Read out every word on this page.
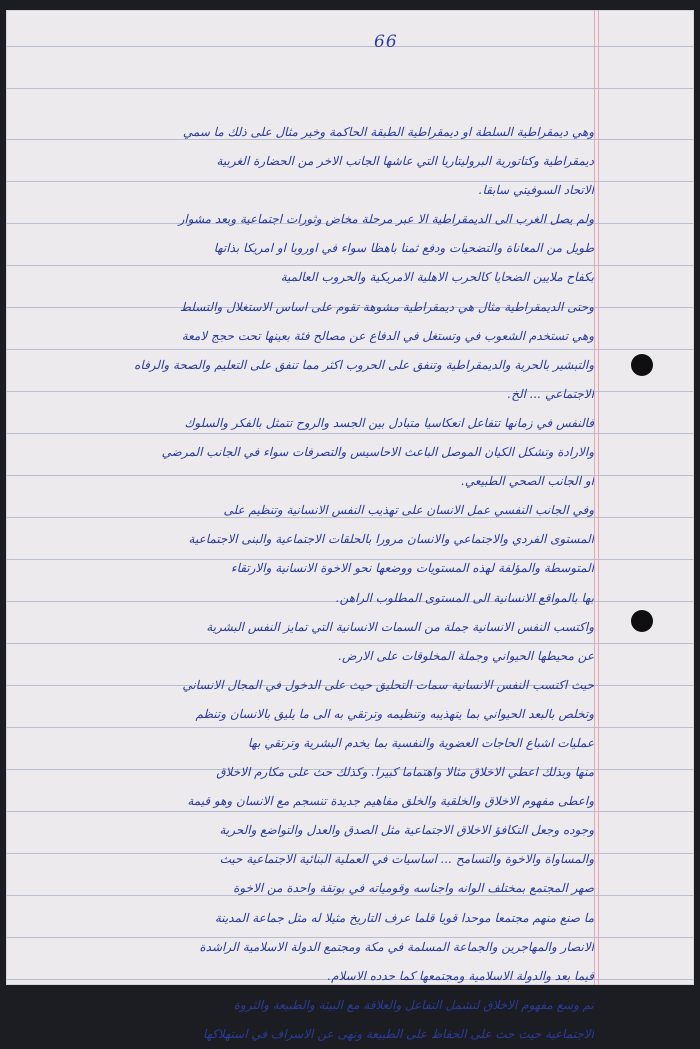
66
وهي ديمقراطية السلطة او ديمقراطية الطبقة الحاكمة وخير مثال على ذلك ما سمي
ديمقراطية وكتاتورية البروليتاريا التي عاشها الجانب الاخر من الحضارة الغربية
الاتحاد السوفيتي سابقا.
ولم يصل الغرب الى الديمقراطية الا عبر مرحلة مخاض وثورات اجتماعية وبعد مشوار
طويل من المعاناة والتضحيات ودفع ثمنا باهظا سواء في اوروبا او امريكا بذاتها
بكفاح ملايين الضحايا كالحرب الاهلية الامريكية والحروب العالمية
وحتى الديمقراطية مثال هي ديمقراطية مشوهة تقوم على اساس الاستغلال والتسلط
وهي تستخدم الشعوب في وتستغل في الدفاع عن مصالح فئة بعينها تحت حجج لامعة
والتبشير بالحرية والديمقراطية وتنفق على الحروب اكثر مما تنفق على التعليم والصحة والرفاه
الاجتماعي ... الخ.
فالنفس في زمانها تتفاعل انعكاسيا متبادل بين الجسد والروح تتمثل بالفكر والسلوك
والارادة وتشكل الكيان الموصل الباعث الاحاسيس والتصرفات سواء في الجانب المرضي
او الجانب الصحي الطبيعي.
وفي الجانب النفسي عمل الانسان على تهذيب النفس الانسانية وتنظيم على
المستوى الفردي والاجتماعي والانسان مرورا بالحلقات الاجتماعية والبنى الاجتماعية
المتوسطة والمؤلفة لهذه المستويات ووضعها نحو الاخوة الانسانية والارتقاء
بها بالمواقع الانسانية الى المستوى المطلوب الراهن.
واكتسب النفس الانسانية جملة من السمات الانسانية التي تمايز النفس البشرية
عن محيطها الحيواني وجملة المخلوقات على الارض.
حيث اكتسب النفس الانسانية سمات التحليق حيث على الدخول في المجال الانساني
وتخلص بالبعد الحيواني بما يتهذيبه وتنظيمه وترتقي به الى ما يليق بالانسان وتنظم
عمليات اشباع الحاجات العضوية والنفسية بما يخدم البشرية وترتقي بها
منها وبذلك اعطي الاخلاق مثالا واهتماما كبيرا. وكذلك حث على مكارم الاخلاق
واعطى مفهوم الاخلاق والخلقية والخلق مفاهيم جديدة تنسجم مع الانسان وهو قيمة
وجوده وجعل التكافؤ الاخلاق الاجتماعية مثل الصدق والعدل والتواضع والحرية
والمساواة والاخوة والتسامح ... اساسيات في العملية البنائية الاجتماعية حيث
صهر المجتمع بمختلف الوانه واجناسه وقومياته في بوتقة واحدة من الاخوة
ما صنع منهم مجتمعا موحدا قويا قلما عرف التاريخ مثيلا له مثل جماعة المدينة
الانصار والمهاجرين والجماعة المسلمة في مكة ومجتمع الدولة الاسلامية الراشدة
فيما بعد والدولة الاسلامية ومجتمعها كما حدده الاسلام.
ثم وسع مفهوم الاخلاق لتشمل التفاعل والعلاقة مع البيئة والطبيعة والثروة
الاجتماعية حيث حث على الحفاظ على الطبيعة ونهى عن الاسراف في استهلاكها
